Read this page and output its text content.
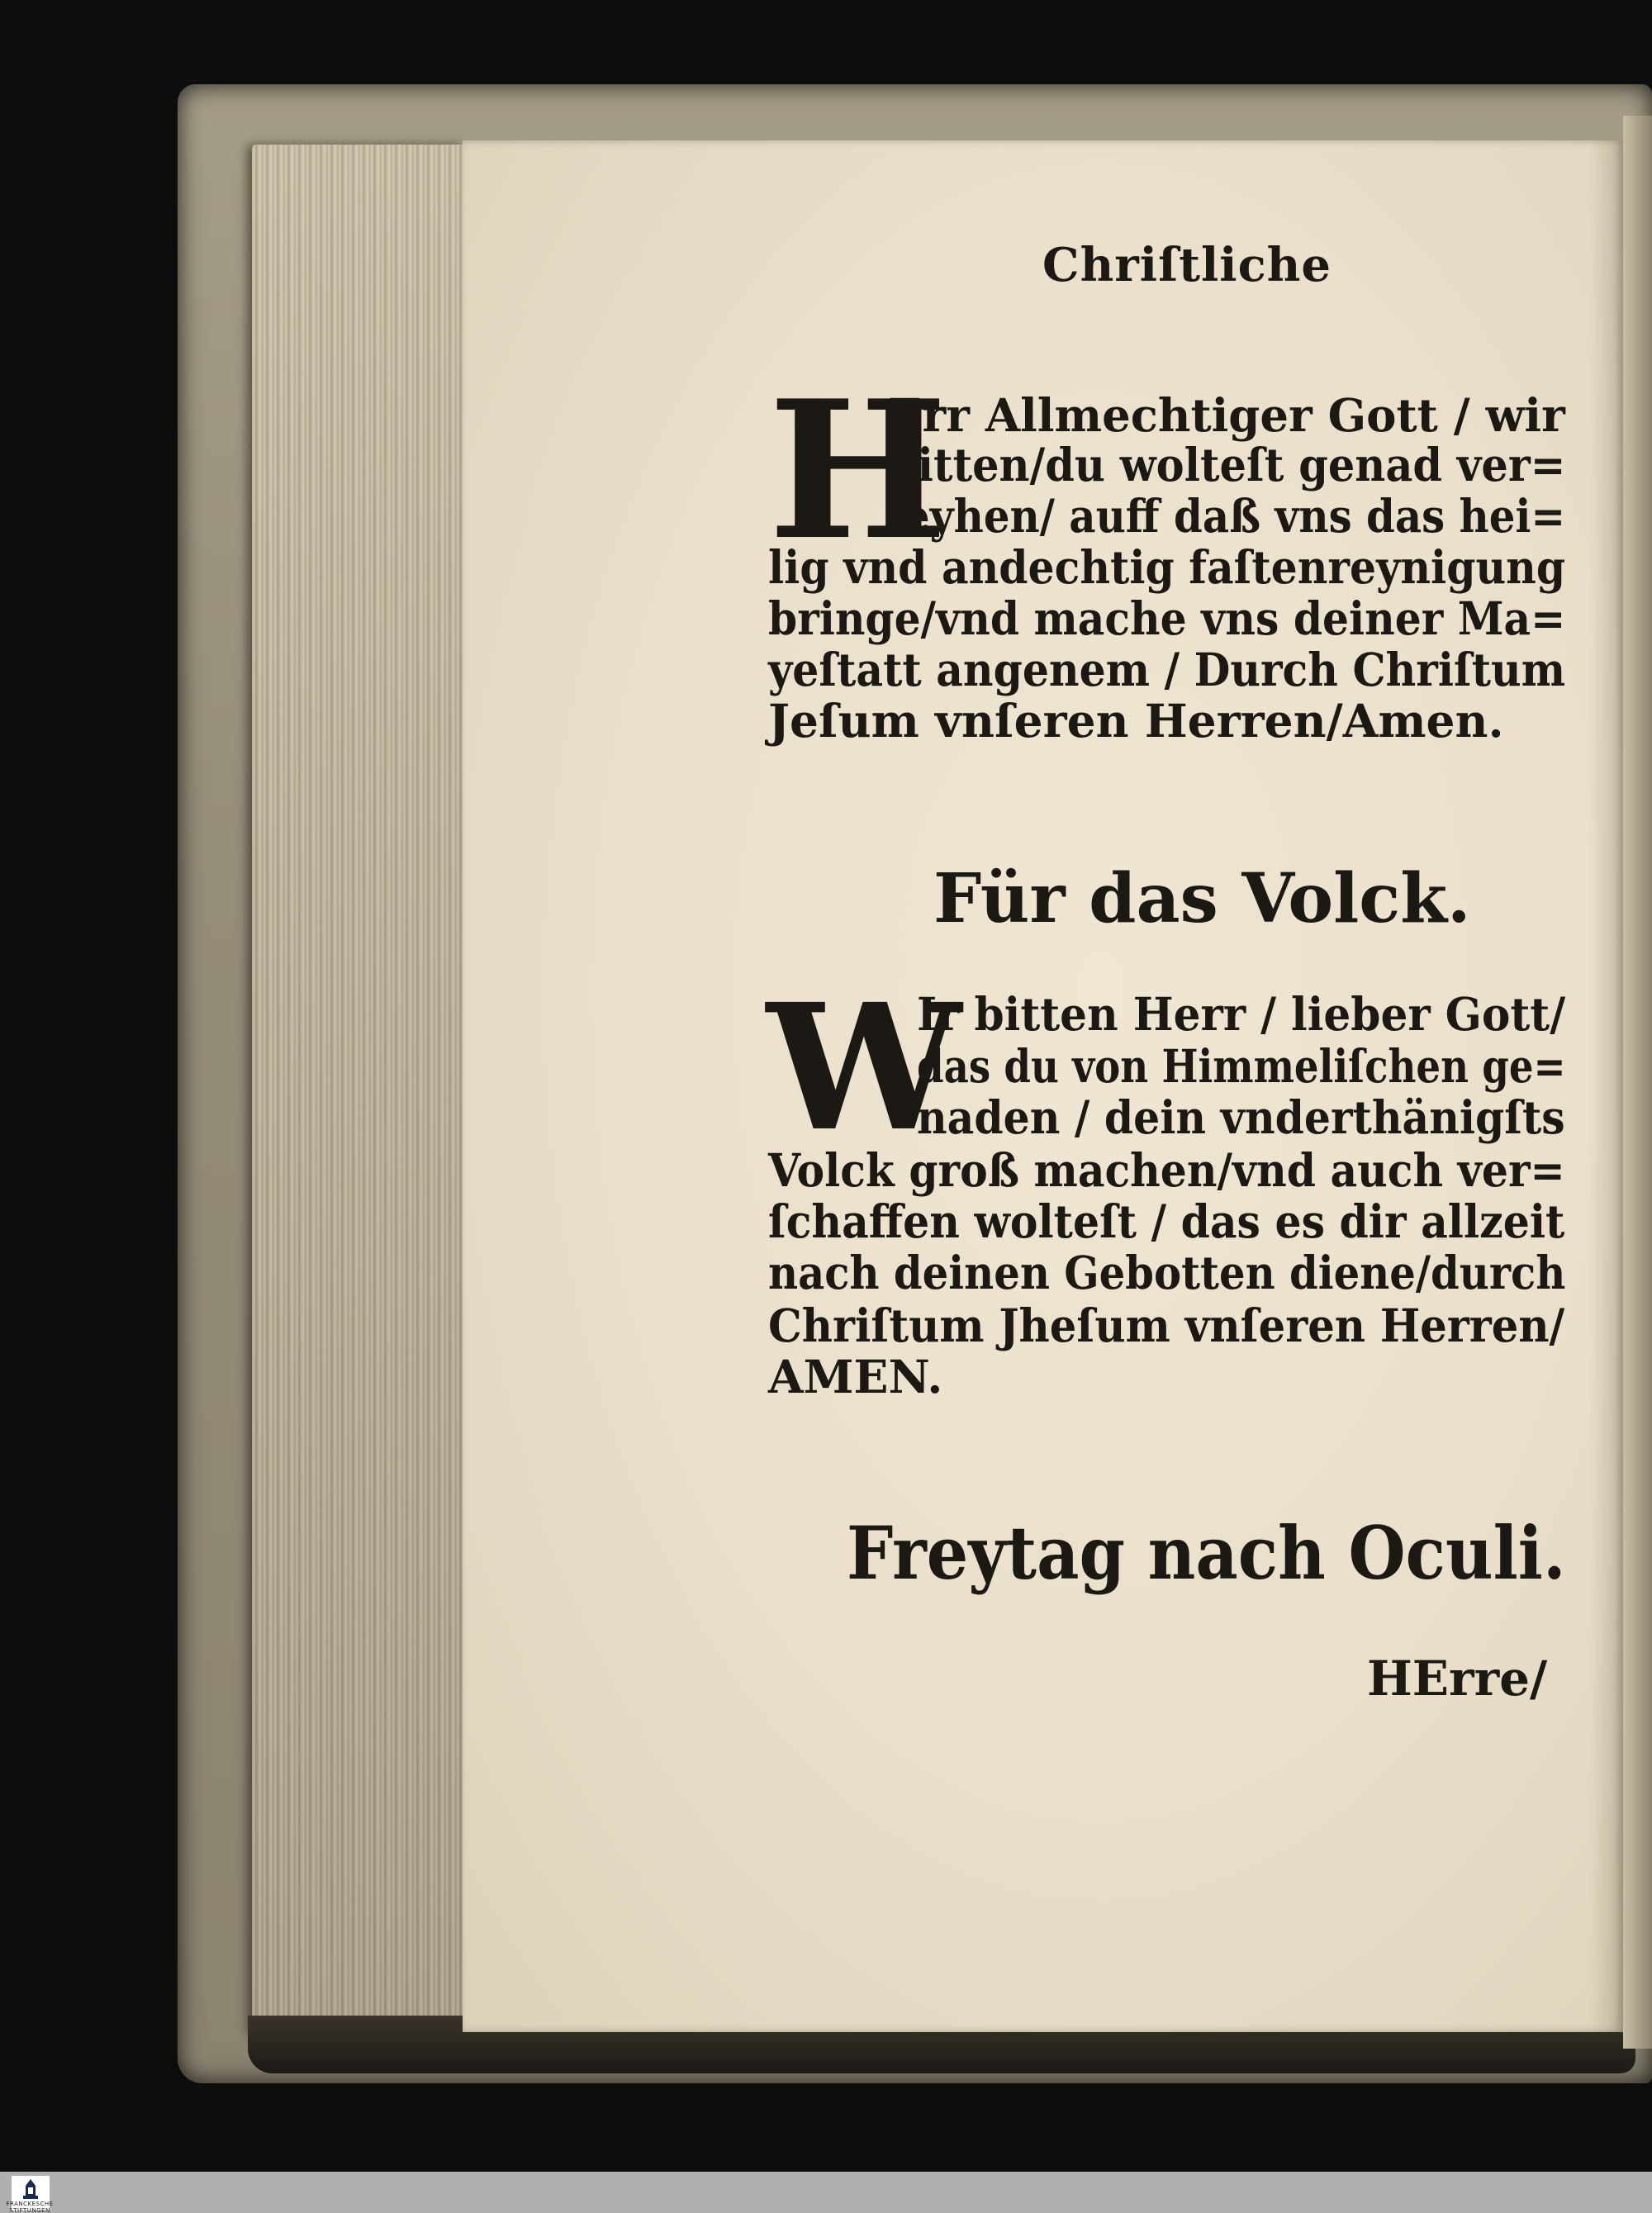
Chriſtliche
H
Err Allmechtiger Gott / wir
bitten/du wolteſt genad ver=
leyhen/ auff daß vns das hei=
lig vnd andechtig faſtenreynigung
bringe/vnd mache vns deiner Ma=
yeſtatt angenem / Durch Chriſtum
Jeſum vnſeren Herren/Amen.
Für das Volck.
W
Ir bitten Herr / lieber Gott/
das du von Himmeliſchen ge=
naden / dein vnderthänigſts
Volck groß machen/vnd auch ver=
ſchaffen wolteſt / das es dir allzeit
nach deinen Gebotten diene/durch
Chriſtum Jheſum vnſeren Herren/
AMEN.
Freytag nach Oculi.
HErre/
FRANCKESCHE STIFTUNGEN
